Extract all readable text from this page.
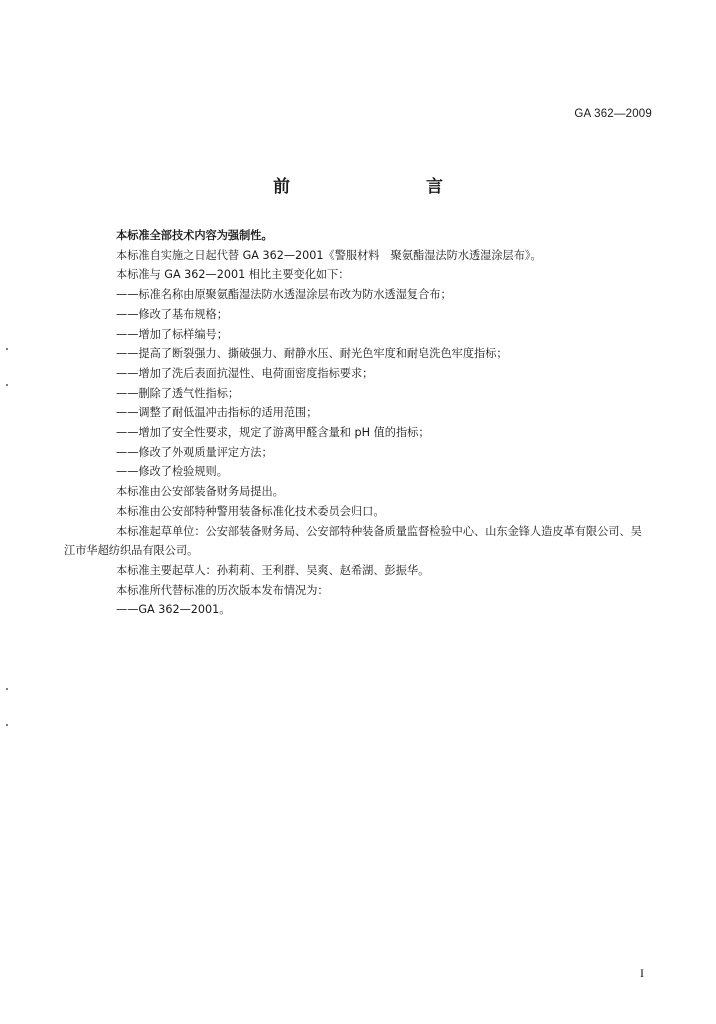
GA 362—2009
前　　言

本标准全部技术内容为强制性。

本标准自实施之日起代替 GA 362—2001《警服材料　聚氨酯湿法防水透湿涂层布》。

本标准与 GA 362—2001 相比主要变化如下：

——标准名称由原聚氨酯湿法防水透湿涂层布改为防水透湿复合布；

——修改了基布规格；

——增加了标样编号；

——提高了断裂强力、撕破强力、耐静水压、耐光色牢度和耐皂洗色牢度指标；

——增加了洗后表面抗湿性、电荷面密度指标要求；

——删除了透气性指标；

——调整了耐低温冲击指标的适用范围；

——增加了安全性要求，规定了游离甲醛含量和 pH 值的指标；

——修改了外观质量评定方法；

——修改了检验规则。

本标准由公安部装备财务局提出。

本标准由公安部特种警用装备标准化技术委员会归口。

本标准起草单位：公安部装备财务局、公安部特种装备质量监督检验中心、山东金锋人造皮革有限公司、吴江市华超纺织品有限公司。

本标准主要起草人：孙莉莉、王利群、吴爽、赵希湖、彭振华。

本标准所代替标准的历次版本发布情况为：

——GA 362—2001。

I
